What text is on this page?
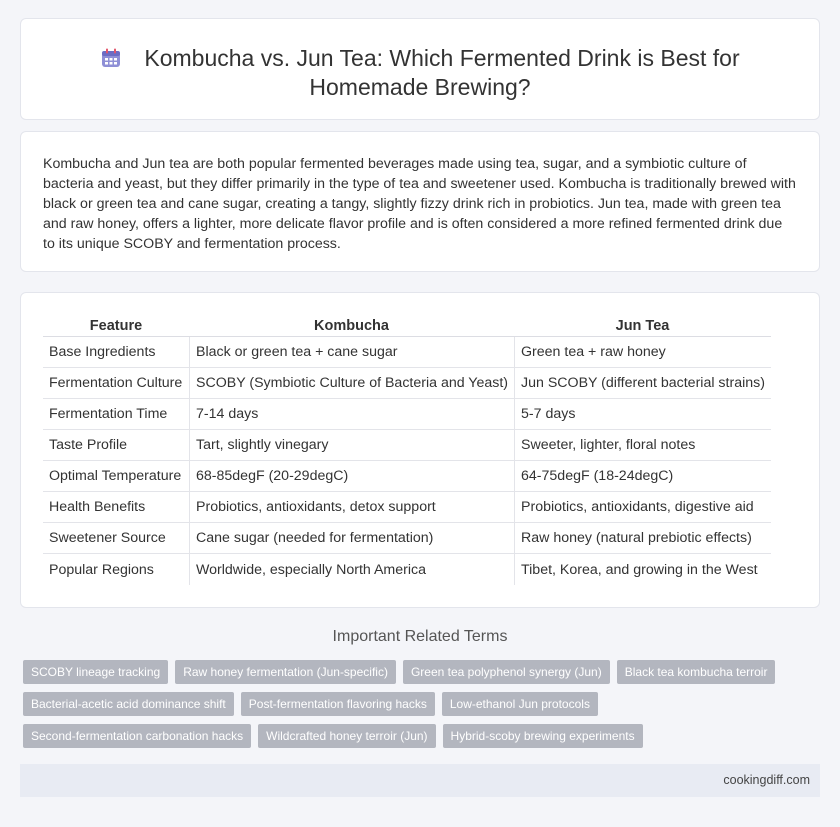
Kombucha vs. Jun Tea: Which Fermented Drink is Best for Homemade Brewing?

Kombucha and Jun tea are both popular fermented beverages made using tea, sugar, and a symbiotic culture of bacteria and yeast, but they differ primarily in the type of tea and sweetener used. Kombucha is traditionally brewed with black or green tea and cane sugar, creating a tangy, slightly fizzy drink rich in probiotics. Jun tea, made with green tea and raw honey, offers a lighter, more delicate flavor profile and is often considered a more refined fermented drink due to its unique SCOBY and fermentation process.

Feature	Kombucha	Jun Tea
Base Ingredients	Black or green tea + cane sugar	Green tea + raw honey
Fermentation Culture	SCOBY (Symbiotic Culture of Bacteria and Yeast)	Jun SCOBY (different bacterial strains)
Fermentation Time	7-14 days	5-7 days
Taste Profile	Tart, slightly vinegary	Sweeter, lighter, floral notes
Optimal Temperature	68-85degF (20-29degC)	64-75degF (18-24degC)
Health Benefits	Probiotics, antioxidants, detox support	Probiotics, antioxidants, digestive aid
Sweetener Source	Cane sugar (needed for fermentation)	Raw honey (natural prebiotic effects)
Popular Regions	Worldwide, especially North America	Tibet, Korea, and growing in the West
Important Related Terms
SCOBY lineage tracking	Raw honey fermentation (Jun-specific)	Green tea polyphenol synergy (Jun)	Black tea kombucha terroir
Bacterial-acetic acid dominance shift	Post-fermentation flavoring hacks	Low-ethanol Jun protocols
Second-fermentation carbonation hacks	Wildcrafted honey terroir (Jun)	Hybrid-scoby brewing experiments
cookingdiff.com
